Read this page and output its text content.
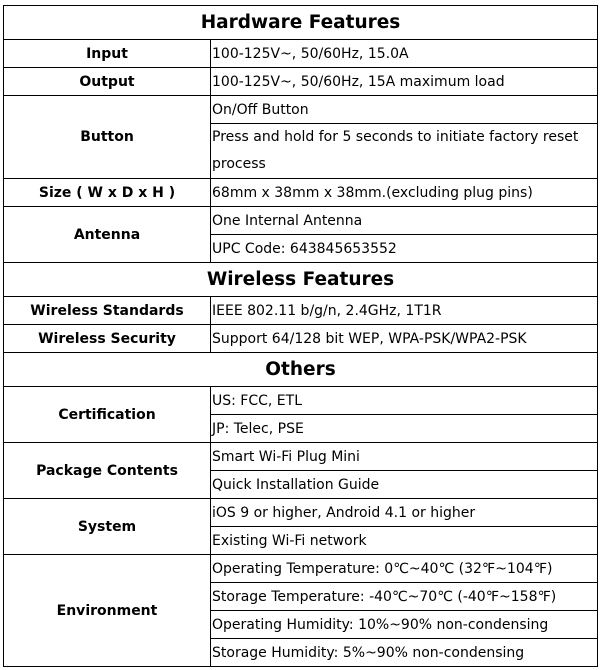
Hardware Features	
Input	100-125V~, 50/60Hz, 15.0A
Output	100-125V~, 50/60Hz, 15A maximum load
Button	On/Off Button
	Press and hold for 5 seconds to initiate factory reset process
Size ( W x D x H )	68mm x 38mm x 38mm.(excluding plug pins)
Antenna	One Internal Antenna
	UPC Code: 643845653552
Wireless Features	
Wireless Standards	IEEE 802.11 b/g/n, 2.4GHz, 1T1R
Wireless Security	Support 64/128 bit WEP, WPA-PSK/WPA2-PSK
Others	
Certification	US: FCC, ETL
	JP: Telec, PSE
Package Contents	Smart Wi-Fi Plug Mini
	Quick Installation Guide
System	iOS 9 or higher, Android 4.1 or higher
	Existing Wi-Fi network
Environment	Operating Temperature: 0℃~40℃ (32℉~104℉)
	Storage Temperature: -40℃~70℃ (-40℉~158℉)
	Operating Humidity: 10%~90% non-condensing
	Storage Humidity: 5%~90% non-condensing
